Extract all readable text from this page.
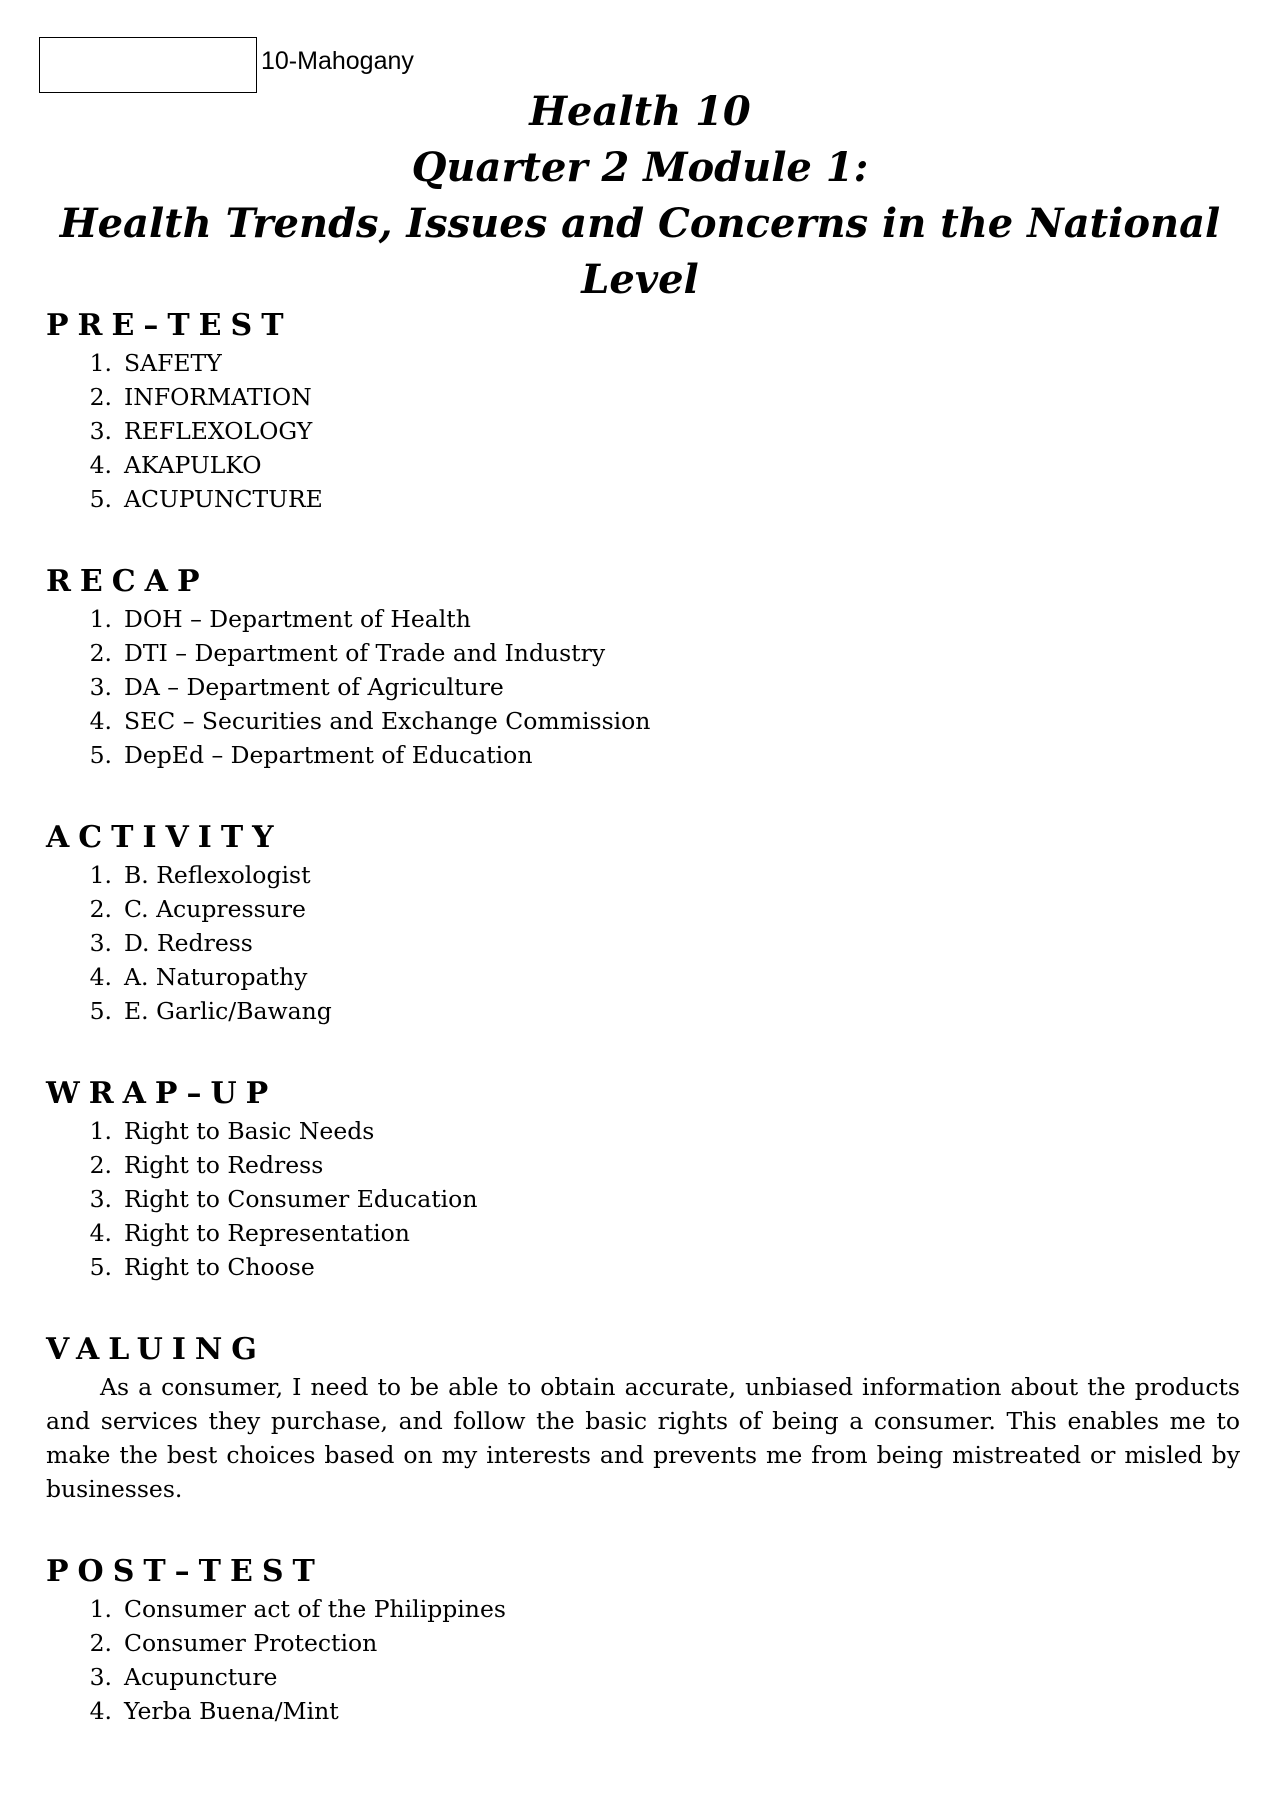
10-Mahogany

Health 10

Quarter 2 Module 1:

Health Trends, Issues and Concerns in the National

Level

PRE–TEST
1. SAFETY
2. INFORMATION
3. REFLEXOLOGY
4. AKAPULKO
5. ACUPUNCTURE
RECAP
1. DOH – Department of Health
2. DTI – Department of Trade and Industry
3. DA – Department of Agriculture
4. SEC – Securities and Exchange Commission
5. DepEd – Department of Education
ACTIVITY
1. B. Reflexologist
2. C. Acupressure
3. D. Redress
4. A. Naturopathy
5. E. Garlic/Bawang
WRAP–UP
1. Right to Basic Needs
2. Right to Redress
3. Right to Consumer Education
4. Right to Representation
5. Right to Choose
VALUING

As a consumer, I need to be able to obtain accurate, unbiased information about the products and services they purchase, and follow the basic rights of being a consumer. This enables me to make the best choices based on my interests and prevents me from being mistreated or misled by businesses.

POST–TEST
1. Consumer act of the Philippines
2. Consumer Protection
3. Acupuncture
4. Yerba Buena/Mint
